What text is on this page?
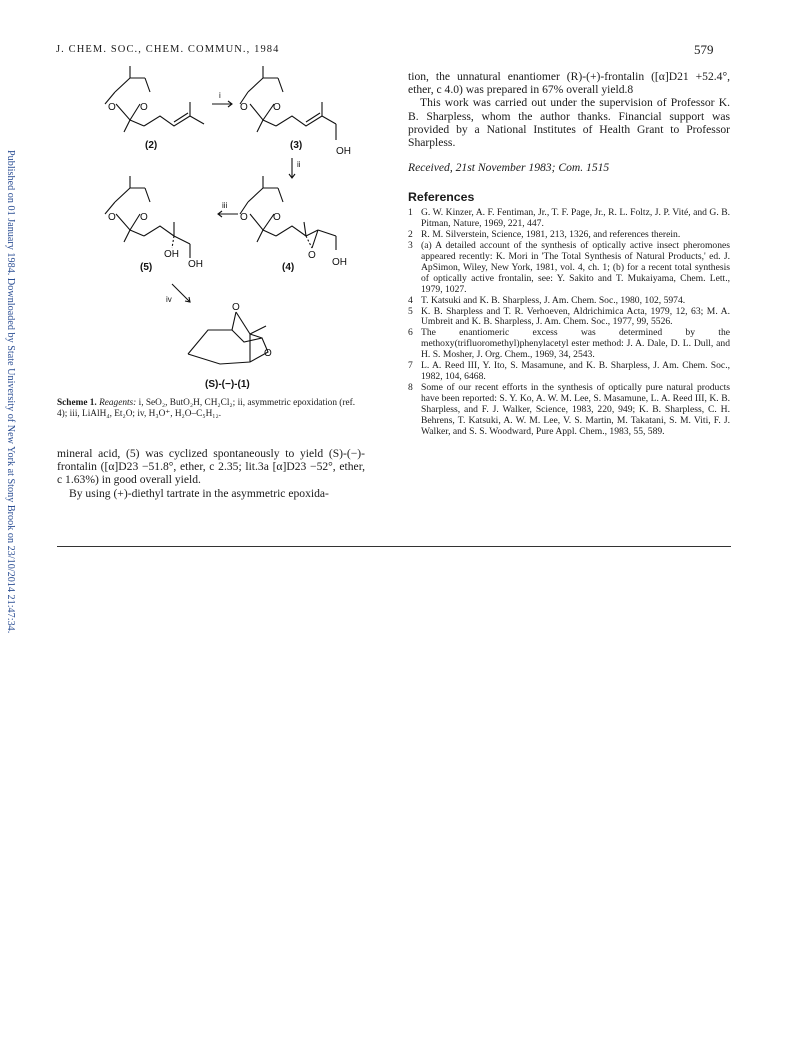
Published on 01 January 1984. Downloaded by State University of New York at Stony Brook on 23/10/2014 21:47:34.
J. CHEM. SOC., CHEM. COMMUN., 1984	579
O O
i
O	O
OH
(2)	(3)
ii
O	O
O
OH
iii
O O
OH
OH
(5)	(4)
iv
O
O
(S)-(−)-(1)
Scheme 1. Reagents: i, SeO₂, ButO₂H, CH₂Cl₂; ii, asymmetric epoxidation (ref. 4); iii, LiAlH₄, Et₂O; iv, H₃O⁺, H₂O–C₅H₁₂.

mineral acid, (5) was cyclized spontaneously to yield (S)-(−)-frontalin ([α]D23 −51.8°, ether, c 2.35; lit.3a [α]D23 −52°, ether, c 1.63%) in good overall yield.

By using (+)-diethyl tartrate in the asymmetric epoxida-

tion, the unnatural enantiomer (R)-(+)-frontalin ([α]D21 +52.4°, ether, c 4.0) was prepared in 67% overall yield.8

This work was carried out under the supervision of Professor K. B. Sharpless, whom the author thanks. Financial support was provided by a National Institutes of Health Grant to Professor Sharpless.

Received, 21st November 1983; Com. 1515

References

1 G. W. Kinzer, A. F. Fentiman, Jr., T. F. Page, Jr., R. L. Foltz, J. P. Vité, and G. B. Pitman, Nature, 1969, 221, 447.

2 R. M. Silverstein, Science, 1981, 213, 1326, and references therein.

3 (a) A detailed account of the synthesis of optically active insect pheromones appeared recently: K. Mori in 'The Total Synthesis of Natural Products,' ed. J. ApSimon, Wiley, New York, 1981, vol. 4, ch. 1; (b) for a recent total synthesis of optically active frontalin, see: Y. Sakito and T. Mukaiyama, Chem. Lett., 1979, 1027.

4 T. Katsuki and K. B. Sharpless, J. Am. Chem. Soc., 1980, 102, 5974.

5 K. B. Sharpless and T. R. Verhoeven, Aldrichimica Acta, 1979, 12, 63; M. A. Umbreit and K. B. Sharpless, J. Am. Chem. Soc., 1977, 99, 5526.

6 The enantiomeric excess was determined by the methoxy(trifluoromethyl)phenylacetyl ester method: J. A. Dale, D. L. Dull, and H. S. Mosher, J. Org. Chem., 1969, 34, 2543.

7 L. A. Reed III, Y. Ito, S. Masamune, and K. B. Sharpless, J. Am. Chem. Soc., 1982, 104, 6468.

8 Some of our recent efforts in the synthesis of optically pure natural products have been reported: S. Y. Ko, A. W. M. Lee, S. Masamune, L. A. Reed III, K. B. Sharpless, and F. J. Walker, Science, 1983, 220, 949; K. B. Sharpless, C. H. Behrens, T. Katsuki, A. W. M. Lee, V. S. Martin, M. Takatani, S. M. Viti, F. J. Walker, and S. S. Woodward, Pure Appl. Chem., 1983, 55, 589.
